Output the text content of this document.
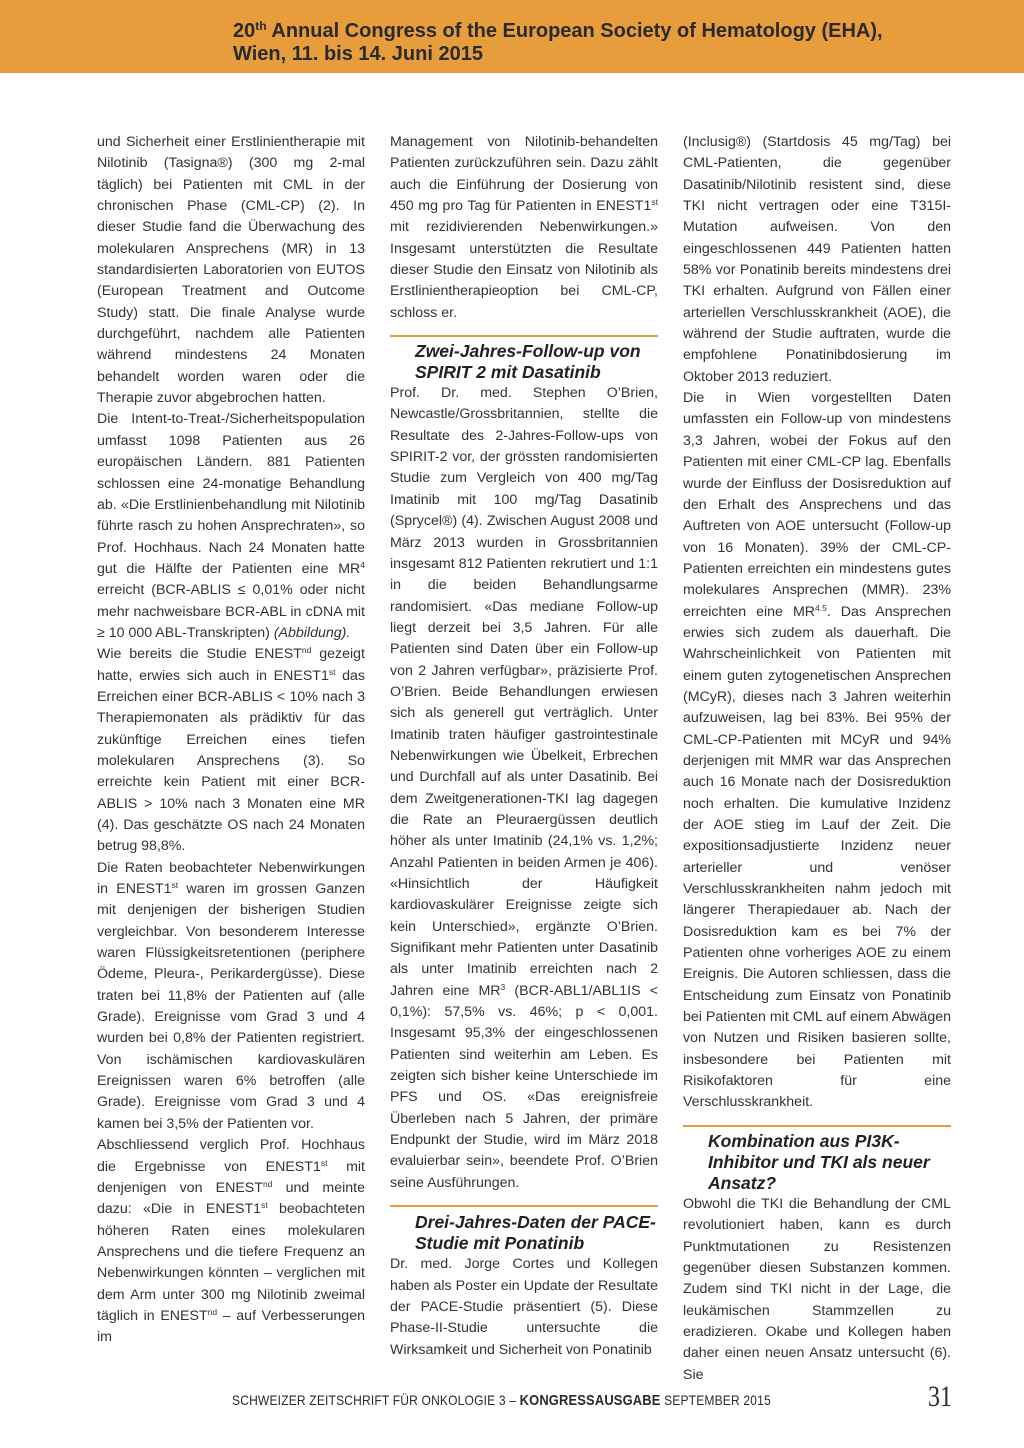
20th Annual Congress of the European Society of Hematology (EHA),
Wien, 11. bis 14. Juni 2015

und Sicherheit einer Erstlinientherapie mit Nilotinib (Tasigna®) (300 mg 2-mal täglich) bei Patienten mit CML in der chronischen Phase (CML-CP) (2). In dieser Studie fand die Überwachung des molekularen Ansprechens (MR) in 13 standardisierten Laboratorien von EUTOS (European Treatment and Outcome Study) statt. Die finale Analyse wurde durchgeführt, nachdem alle Patienten während mindestens 24 Monaten behandelt worden waren oder die Therapie zuvor abgebrochen hatten.

Die Intent-to-Treat-/Sicherheitspopulation umfasst 1098 Patienten aus 26 europäischen Ländern. 881 Patienten schlossen eine 24-monatige Behandlung ab. «Die Erstlinienbehandlung mit Nilotinib führte rasch zu hohen Ansprechraten», so Prof. Hochhaus. Nach 24 Monaten hatte gut die Hälfte der Patienten eine $MR^4$ erreicht (BCR-ABLIS ≤ 0,01% oder nicht mehr nachweisbare BCR-ABL in cDNA mit ≥ 10 000 ABL-Transkripten) (Abbildung).

Wie bereits die Studie $ENEST^{nd}$ gezeigt hatte, erwies sich auch in ENEST1st das Erreichen einer BCR-ABLIS < 10% nach 3 Therapiemonaten als prädiktiv für das zukünftige Erreichen eines tiefen molekularen Ansprechens (3). So erreichte kein Patient mit einer BCR-ABLIS > 10% nach 3 Monaten eine MR (4). Das geschätzte OS nach 24 Monaten betrug 98,8%.

Die Raten beobachteter Nebenwirkungen in ENEST1st waren im grossen Ganzen mit denjenigen der bisherigen Studien vergleichbar. Von besonderem Interesse waren Flüssigkeitsretentionen (periphere Ödeme, Pleura-, Perikardergüsse). Diese traten bei 11,8% der Patienten auf (alle Grade). Ereignisse vom Grad 3 und 4 wurden bei 0,8% der Patienten registriert. Von ischämischen kardiovaskulären Ereignissen waren 6% betroffen (alle Grade). Ereignisse vom Grad 3 und 4 kamen bei 3,5% der Patienten vor.

Abschliessend verglich Prof. Hochhaus die Ergebnisse von ENEST1st mit denjenigen von $ENEST^{nd}$ und meinte dazu: «Die in ENEST1st beobachteten höheren Raten eines molekularen Ansprechens und die tiefere Frequenz an Nebenwirkungen könnten – verglichen mit dem Arm unter 300 mg Nilotinib zweimal täglich in $ENEST^{nd}$ – auf Verbesserungen im

Management von Nilotinib-behandelten Patienten zurückzuführen sein. Dazu zählt auch die Einführung der Dosierung von 450 mg pro Tag für Patienten in ENEST1st mit rezidivierenden Nebenwirkungen.» Insgesamt unterstützten die Resultate dieser Studie den Einsatz von Nilotinib als Erstlinientherapieoption bei CML-CP, schloss er.

Zwei-Jahres-Follow-up von SPIRIT 2 mit Dasatinib

Prof. Dr. med. Stephen O’Brien, Newcastle/Grossbritannien, stellte die Resultate des 2-Jahres-Follow-ups von SPIRIT-2 vor, der grössten randomisierten Studie zum Vergleich von 400 mg/Tag Imatinib mit 100 mg/Tag Dasatinib (Sprycel®) (4). Zwischen August 2008 und März 2013 wurden in Grossbritannien insgesamt 812 Patienten rekrutiert und 1:1 in die beiden Behandlungsarme randomisiert. «Das mediane Follow-up liegt derzeit bei 3,5 Jahren. Für alle Patienten sind Daten über ein Follow-up von 2 Jahren verfügbar», präzisierte Prof. O’Brien. Beide Behandlungen erwiesen sich als generell gut verträglich. Unter Imatinib traten häufiger gastrointestinale Nebenwirkungen wie Übelkeit, Erbrechen und Durchfall auf als unter Dasatinib. Bei dem Zweitgenerationen-TKI lag dagegen die Rate an Pleuraergüssen deutlich höher als unter Imatinib (24,1% vs. 1,2%; Anzahl Patienten in beiden Armen je 406). «Hinsichtlich der Häufigkeit kardiovaskulärer Ereignisse zeigte sich kein Unterschied», ergänzte O’Brien. Signifikant mehr Patienten unter Dasatinib als unter Imatinib erreichten nach 2 Jahren eine $MR^3$ (BCR-ABL1/ABL1IS < 0,1%): 57,5% vs. 46%; p < 0,001. Insgesamt 95,3% der eingeschlossenen Patienten sind weiterhin am Leben. Es zeigten sich bisher keine Unterschiede im PFS und OS. «Das ereignisfreie Überleben nach 5 Jahren, der primäre Endpunkt der Studie, wird im März 2018 evaluierbar sein», beendete Prof. O’Brien seine Ausführungen.

Drei-Jahres-Daten der PACE-Studie mit Ponatinib

Dr. med. Jorge Cortes und Kollegen haben als Poster ein Update der Resultate der PACE-Studie präsentiert (5). Diese Phase-II-Studie untersuchte die Wirksamkeit und Sicherheit von Ponatinib

(Inclusig®) (Startdosis 45 mg/Tag) bei CML-Patienten, die gegenüber Dasatinib/Nilotinib resistent sind, diese TKI nicht vertragen oder eine T315I-Mutation aufweisen. Von den eingeschlossenen 449 Patienten hatten 58% vor Ponatinib bereits mindestens drei TKI erhalten. Aufgrund von Fällen einer arteriellen Verschlusskrankheit (AOE), die während der Studie auftraten, wurde die empfohlene Ponatinibdosierung im Oktober 2013 reduziert.

Die in Wien vorgestellten Daten umfassten ein Follow-up von mindestens 3,3 Jahren, wobei der Fokus auf den Patienten mit einer CML-CP lag. Ebenfalls wurde der Einfluss der Dosisreduktion auf den Erhalt des Ansprechens und das Auftreten von AOE untersucht (Follow-up von 16 Monaten). 39% der CML-CP-Patienten erreichten ein mindestens gutes molekulares Ansprechen (MMR). 23% erreichten eine $MR^{4.5}$. Das Ansprechen erwies sich zudem als dauerhaft. Die Wahrscheinlichkeit von Patienten mit einem guten zytogenetischen Ansprechen (MCyR), dieses nach 3 Jahren weiterhin aufzuweisen, lag bei 83%. Bei 95% der CML-CP-Patienten mit MCyR und 94% derjenigen mit MMR war das Ansprechen auch 16 Monate nach der Dosisreduktion noch erhalten. Die kumulative Inzidenz der AOE stieg im Lauf der Zeit. Die expositionsadjustierte Inzidenz neuer arterieller und venöser Verschlusskrankheiten nahm jedoch mit längerer Therapiedauer ab. Nach der Dosisreduktion kam es bei 7% der Patienten ohne vorheriges AOE zu einem Ereignis. Die Autoren schliessen, dass die Entscheidung zum Einsatz von Ponatinib bei Patienten mit CML auf einem Abwägen von Nutzen und Risiken basieren sollte, insbesondere bei Patienten mit Risikofaktoren für eine Verschlusskrankheit.

Kombination aus PI3K-Inhibitor und TKI als neuer Ansatz?

Obwohl die TKI die Behandlung der CML revolutioniert haben, kann es durch Punktmutationen zu Resistenzen gegenüber diesen Substanzen kommen. Zudem sind TKI nicht in der Lage, die leukämischen Stammzellen zu eradizieren. Okabe und Kollegen haben daher einen neuen Ansatz untersucht (6). Sie

SCHWEIZER ZEITSCHRIFT FÜR ONKOLOGIE 3 – KONGRESSAUSGABE SEPTEMBER 2015	31
